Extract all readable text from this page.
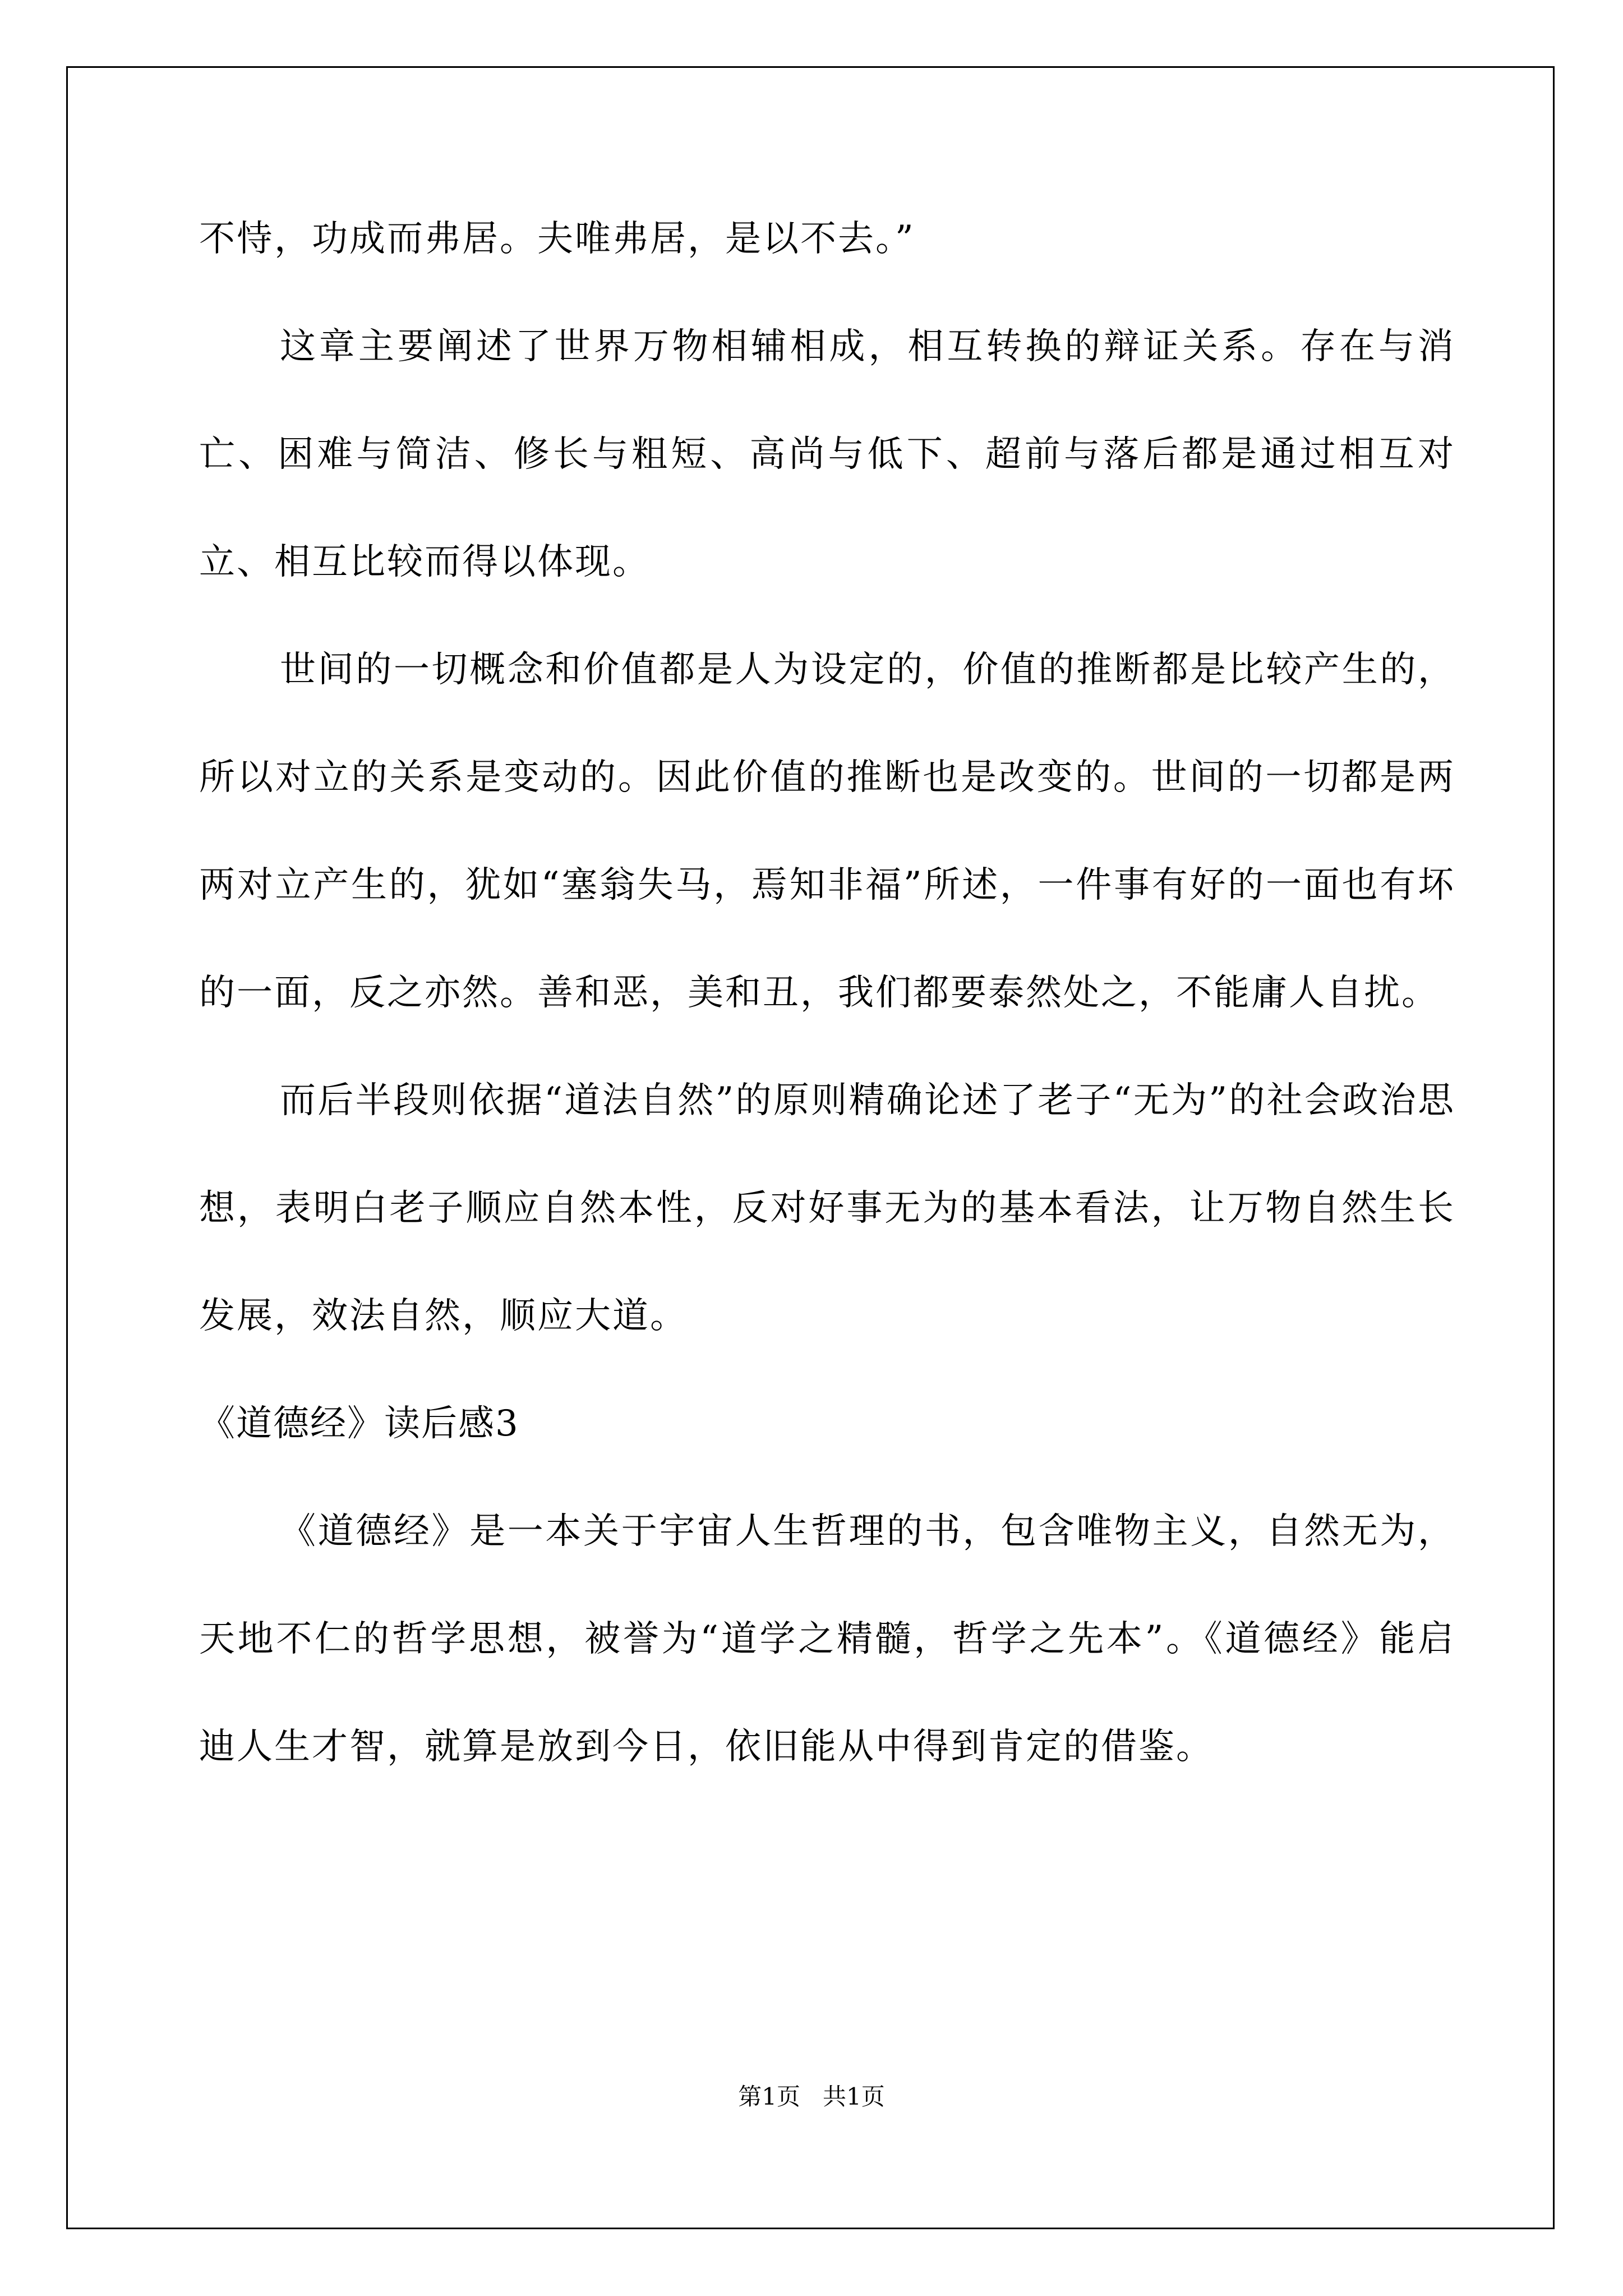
不恃，功成而弗居。夫唯弗居，是以不去。”

这章主要阐述了世界万物相辅相成，相互转换的辩证关系。存在与消亡、困难与简洁、修长与粗短、高尚与低下、超前与落后都是通过相互对立、相互比较而得以体现。

世间的一切概念和价值都是人为设定的，价值的推断都是比较产生的，所以对立的关系是变动的。因此价值的推断也是改变的。世间的一切都是两两对立产生的，犹如“塞翁失马，焉知非福”所述，一件事有好的一面也有坏的一面，反之亦然。善和恶，美和丑，我们都要泰然处之，不能庸人自扰。

而后半段则依据“道法自然”的原则精确论述了老子“无为”的社会政治思想，表明白老子顺应自然本性，反对好事无为的基本看法，让万物自然生长发展，效法自然，顺应大道。

《道德经》读后感3

《道德经》是一本关于宇宙人生哲理的书，包含唯物主义，自然无为，天地不仁的哲学思想，被誉为“道学之精髓，哲学之先本”。《道德经》能启迪人生才智，就算是放到今日，依旧能从中得到肯定的借鉴。

第1页   共1页
